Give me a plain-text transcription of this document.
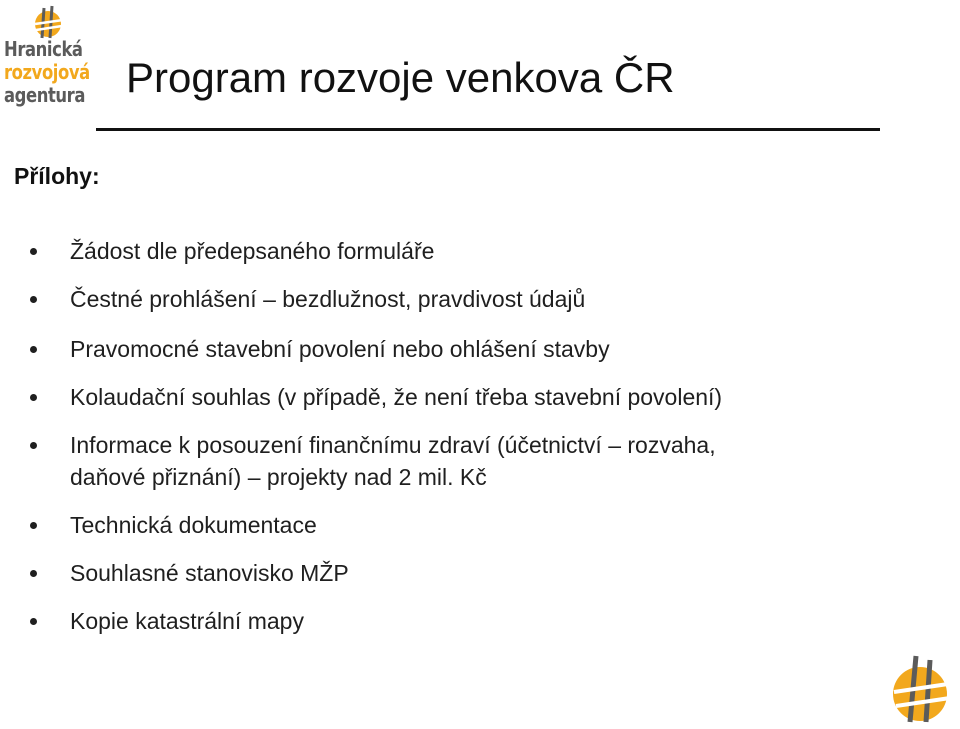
Hranická
rozvojová
agentura Program rozvoje venkova ČR
Přílohy:
Žádost dle předepsaného formuláře
Čestné prohlášení – bezdlužnost, pravdivost údajů
Pravomocné stavební povolení nebo ohlášení stavby
Kolaudační souhlas (v případě, že není třeba stavební povolení)
Informace k posouzení finančnímu zdraví (účetnictví – rozvaha,
daňové přiznání) – projekty nad 2 mil. Kč
Technická dokumentace
Souhlasné stanovisko MŽP
Kopie katastrální mapy
